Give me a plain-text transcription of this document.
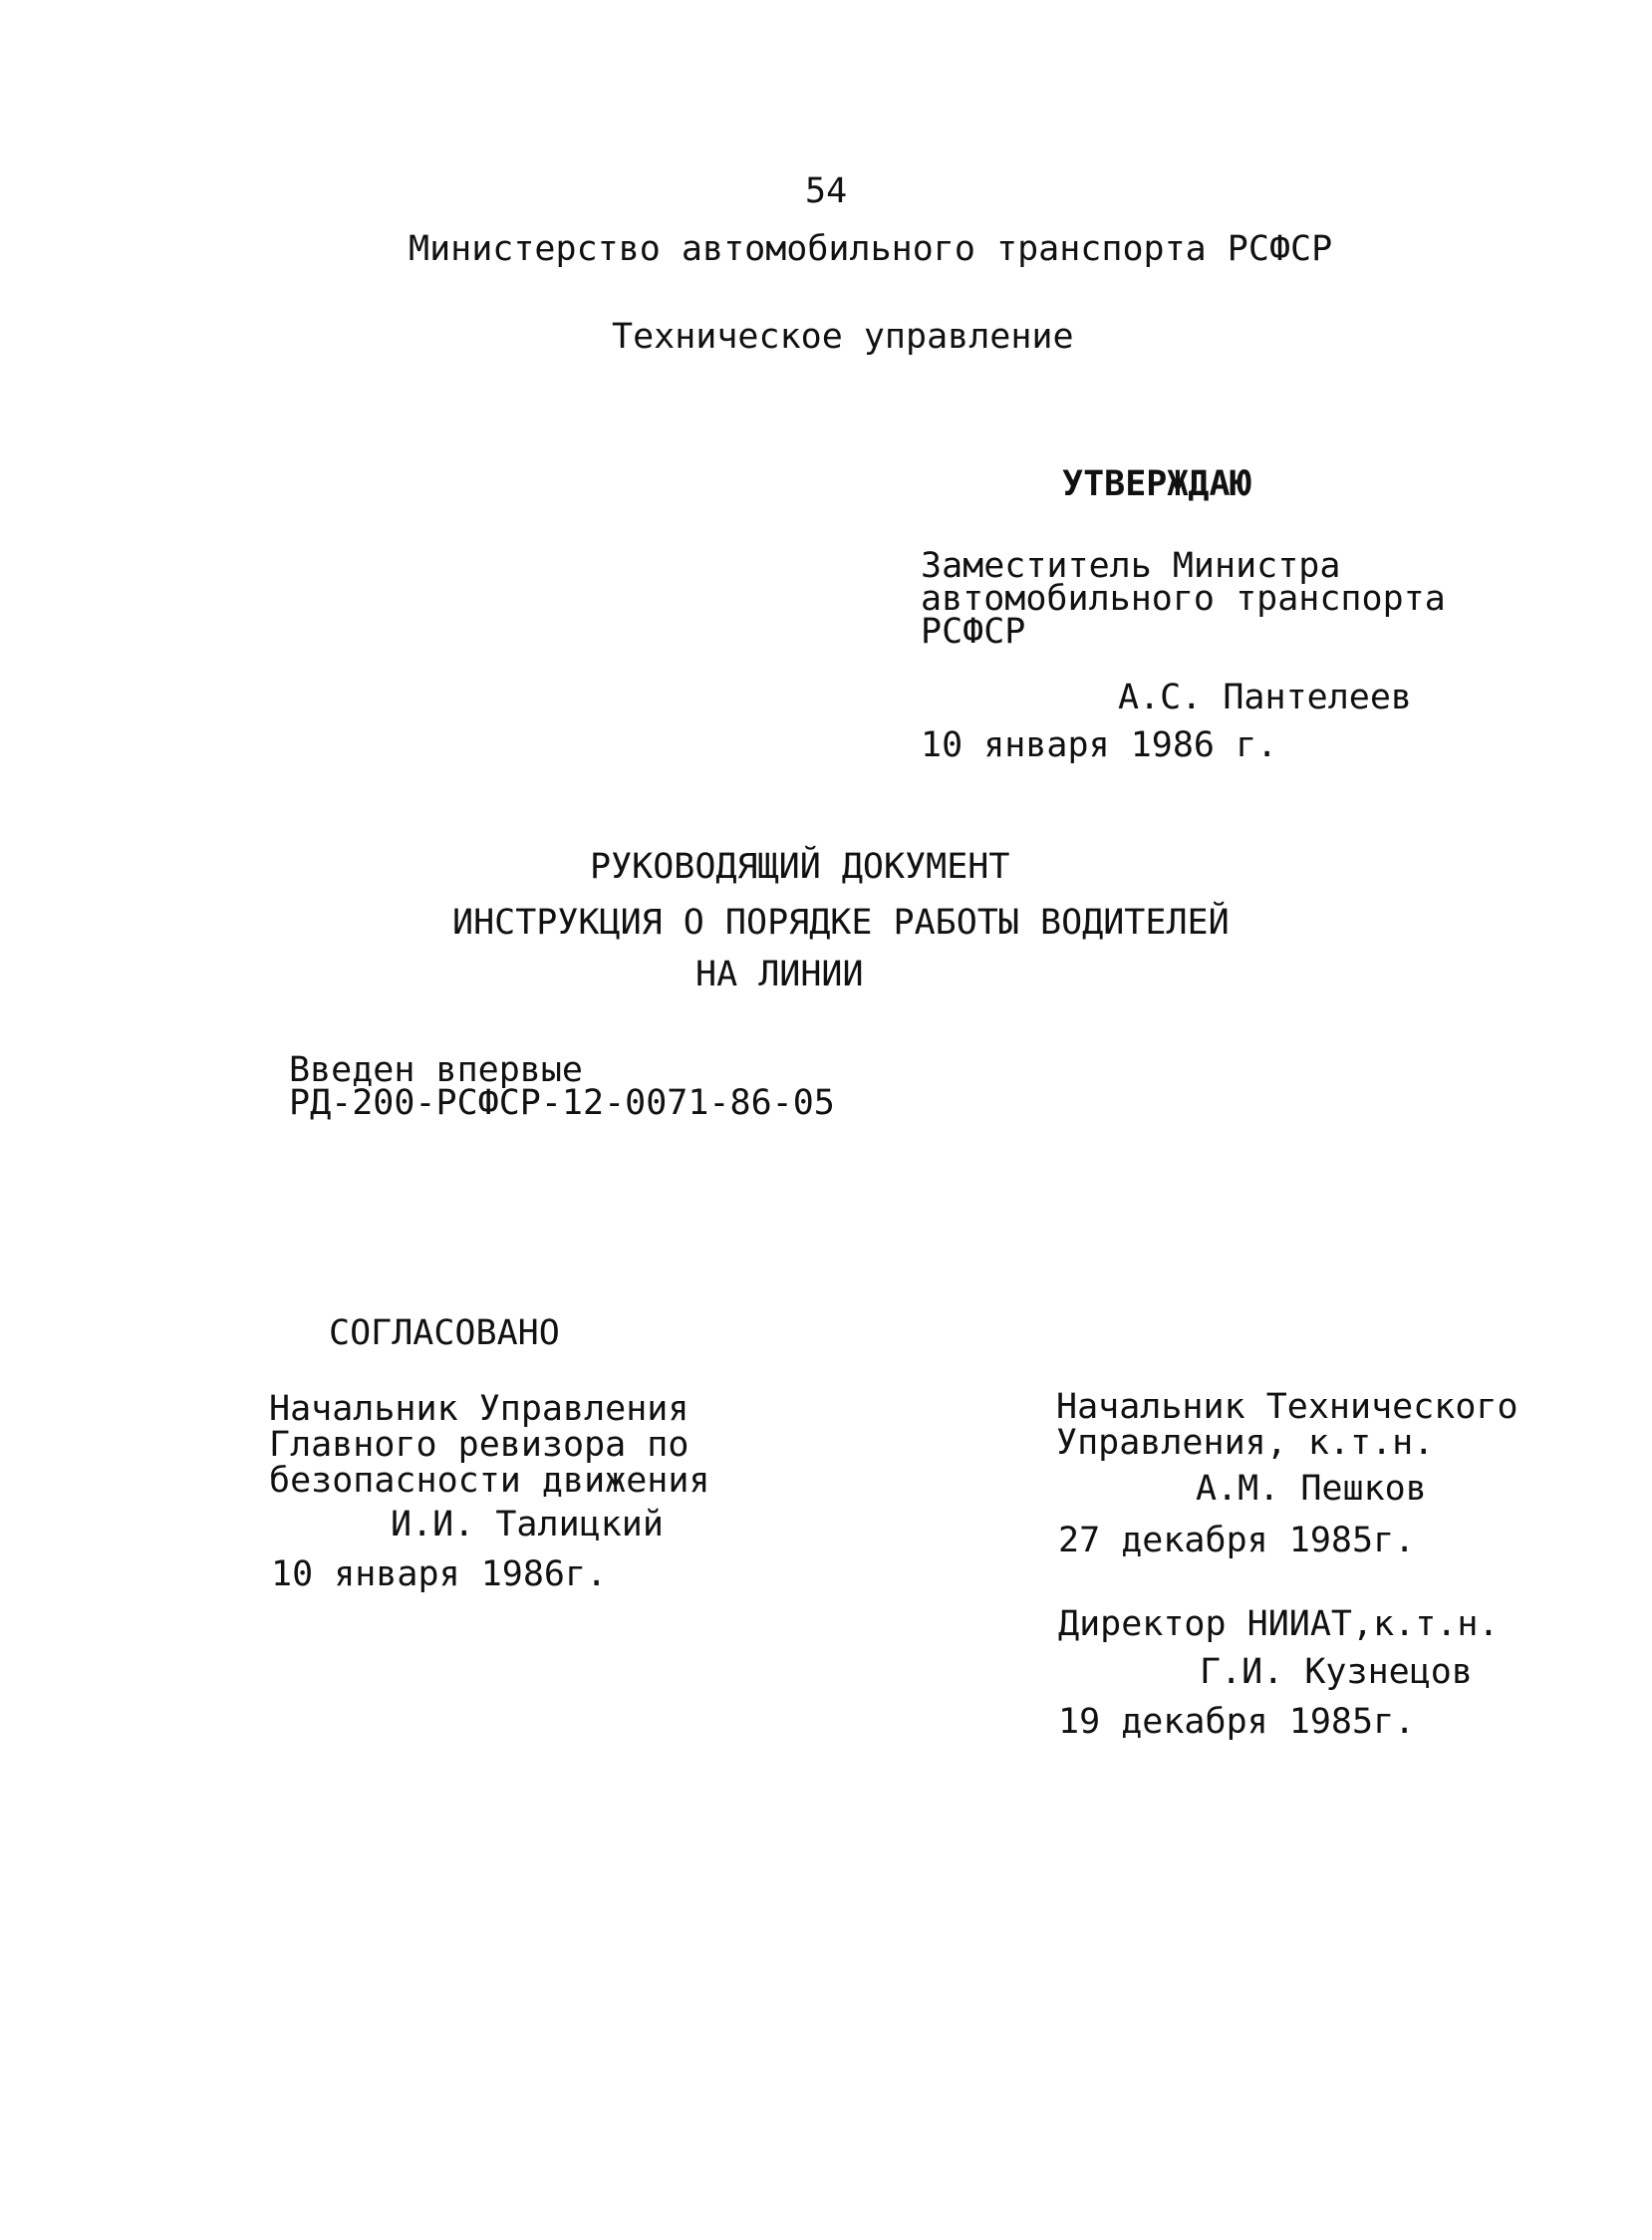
54
Министерство автомобильного транспорта РСФСР
Техническое управление
УТВЕРЖДАЮ
Заместитель Министра
автомобильного транспорта
РСФСР
А.С. Пантелеев
10 января 1986 г.
РУКОВОДЯЩИЙ ДОКУМЕНТ
ИНСТРУКЦИЯ О ПОРЯДКЕ РАБОТЫ ВОДИТЕЛЕЙ
НА ЛИНИИ
Введен впервые
РД-200-РСФСР-12-0071-86-05
СОГЛАСОВАНО
Начальник Управления
Главного ревизора по
безопасности движения
И.И. Талицкий
10 января 1986г.
Начальник Технического
Управления, к.т.н.
А.М. Пешков
27 декабря 1985г.
Директор НИИАТ,к.т.н.
Г.И. Кузнецов
19 декабря 1985г.
